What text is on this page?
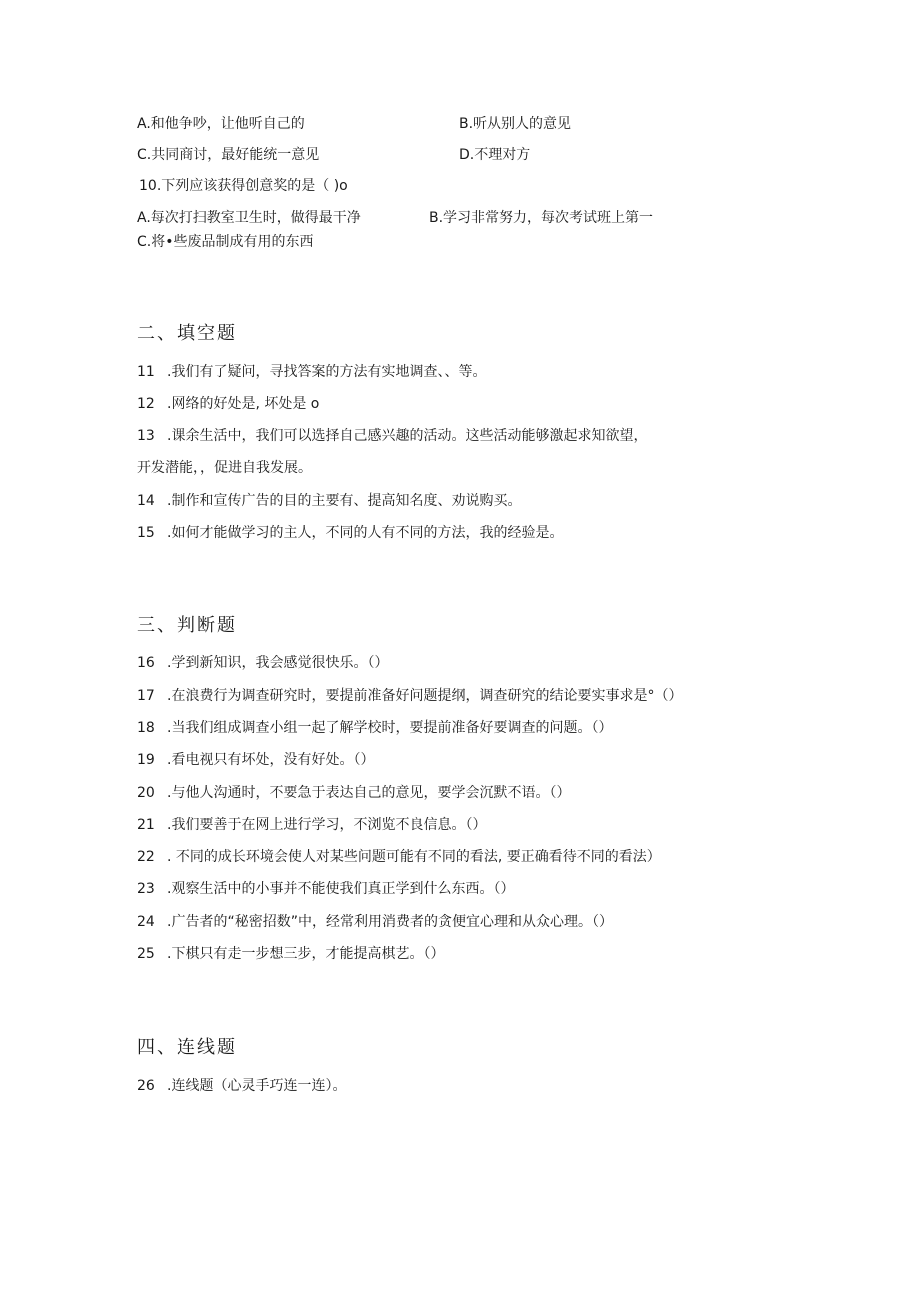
A.和他争吵，让他听自己的	B.听从别人的意见
C.共同商讨，最好能统一意见	D.不理对方
10.下列应该获得创意奖的是（ )o
A.每次打扫教室卫生时，做得最干净	B.学习非常努力，每次考试班上第一
C.将•些废品制成有用的东西
二、填空题
11 .我们有了疑问，寻找答案的方法有实地调查、、等。
12 .网络的好处是, 坏处是 o
13 .课余生活中，我们可以选择自己感兴趣的活动。这些活动能够激起求知欲望，
开发潜能，，促进自我发展。
14 .制作和宣传广告的目的主要有、提高知名度、劝说购买。
15 .如何才能做学习的主人，不同的人有不同的方法，我的经验是。
三、判断题
16 .学到新知识，我会感觉很快乐。（）
17 .在浪费行为调查研究时，要提前准备好问题提纲，调查研究的结论要实事求是°（）
18 .当我们组成调查小组一起了解学校时，要提前准备好要调查的问题。（）
19 .看电视只有坏处，没有好处。（）
20 .与他人沟通时，不要急于表达自己的意见，要学会沉默不语。（）
21 .我们要善于在网上进行学习，不浏览不良信息。（）
22 . 不同的成长环境会使人对某些问题可能有不同的看法, 要正确看待不同的看法）
23 .观察生活中的小事并不能使我们真正学到什么东西。（）
24 .广告者的“秘密招数”中，经常利用消费者的贪便宜心理和从众心理。（）
25 .下棋只有走一步想三步，才能提高棋艺。（）
四、连线题
26 .连线题（心灵手巧连一连）。
